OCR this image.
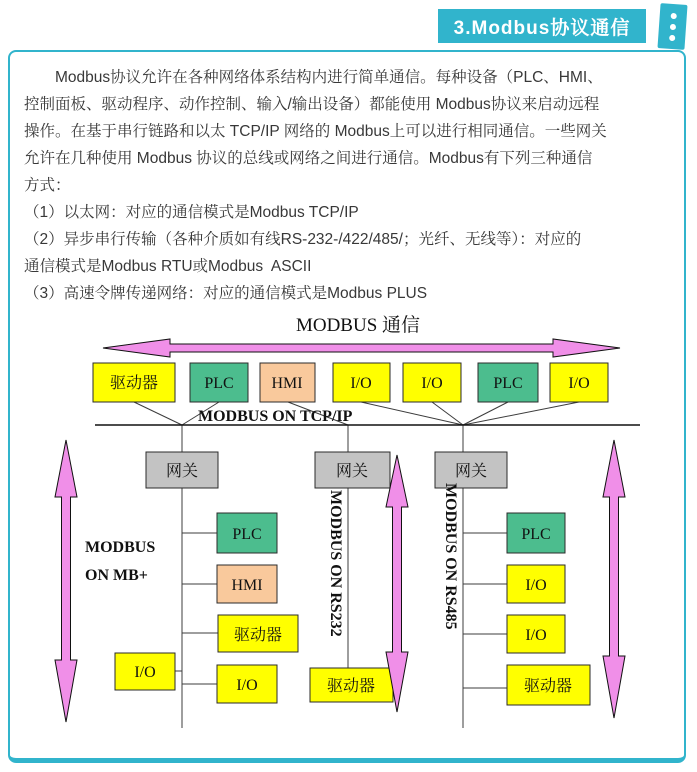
3.Modbus协议通信
　　Modbus协议允许在各种网络体系结构内进行简单通信。每种设备（PLC、HMI、
控制面板、驱动程序、动作控制、输入/输出设备）都能使用 Modbus协议来启动远程
操作。在基于串行链路和以太 TCP/IP 网络的 Modbus上可以进行相同通信。一些网关
允许在几种使用 Modbus 协议的总线或网络之间进行通信。Modbus有下列三种通信
方式：
（1）以太网：对应的通信模式是Modbus TCP/IP
（2）异步串行传输（各种介质如有线RS-232-/422/485/；光纤、无线等）：对应的
通信模式是Modbus RTU或Modbus  ASCII
（3）高速令牌传递网络：对应的通信模式是Modbus PLUS
MODBUS 通信
MODBUS ON TCP/IP
驱动器	PLC HMI	I/O	I/O	PLC	I/O
网关	网关	网关
MODBUS
ON MB+
PLC
HMI
驱动器
I/O
I/O
MODBUS ON RS232
驱动器
MODBUS ON RS485	PLC
I/O
I/O
驱动器
